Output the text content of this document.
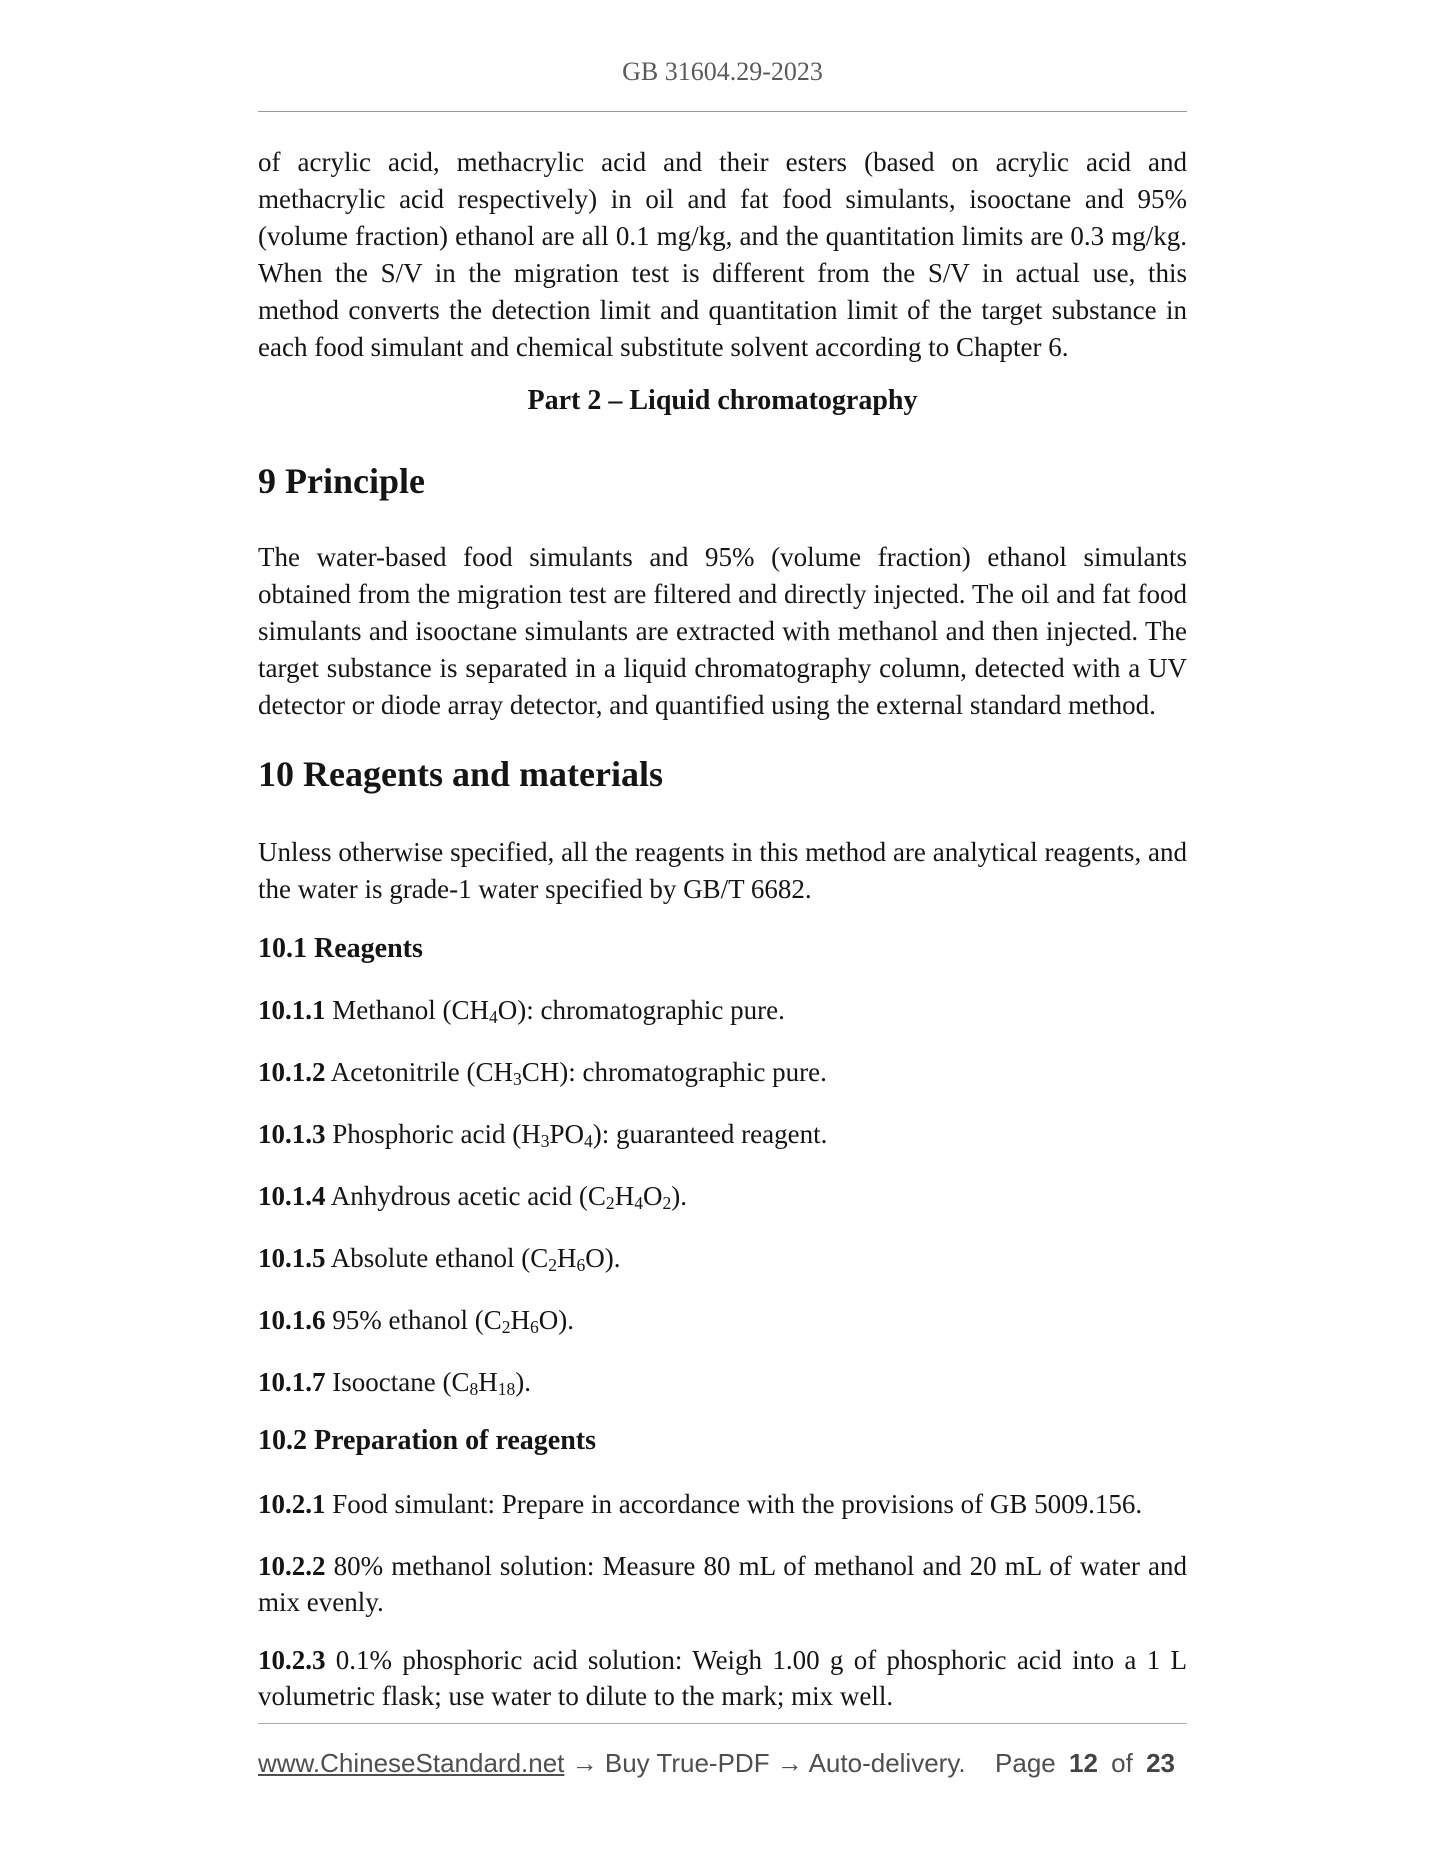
GB 31604.29-2023

of acrylic acid, methacrylic acid and their esters (based on acrylic acid and methacrylic acid respectively) in oil and fat food simulants, isooctane and 95% (volume fraction) ethanol are all 0.1 mg/kg, and the quantitation limits are 0.3 mg/kg. When the S/V in the migration test is different from the S/V in actual use, this method converts the detection limit and quantitation limit of the target substance in each food simulant and chemical substitute solvent according to Chapter 6.

Part 2 – Liquid chromatography

9 Principle

The water-based food simulants and 95% (volume fraction) ethanol simulants obtained from the migration test are filtered and directly injected. The oil and fat food simulants and isooctane simulants are extracted with methanol and then injected. The target substance is separated in a liquid chromatography column, detected with a UV detector or diode array detector, and quantified using the external standard method.

10 Reagents and materials

Unless otherwise specified, all the reagents in this method are analytical reagents, and the water is grade-1 water specified by GB/T 6682.

10.1 Reagents

10.1.1 Methanol $(CH_4O)$: chromatographic pure.

10.1.2 Acetonitrile $(CH_3CH)$: chromatographic pure.

10.1.3 Phosphoric acid $(H_3PO_4)$: guaranteed reagent.

10.1.4 Anhydrous acetic acid $(C_2H_4O_2)$.

10.1.5 Absolute ethanol $(C_2H_6O)$.

10.1.6 95% ethanol $(C_2H_6O)$.

10.1.7 Isooctane $(C_8H_{18})$.

10.2 Preparation of reagents

10.2.1 Food simulant: Prepare in accordance with the provisions of GB 5009.156.

10.2.2 80% methanol solution: Measure 80 mL of methanol and 20 mL of water and mix evenly.

10.2.3 0.1% phosphoric acid solution: Weigh 1.00 g of phosphoric acid into a 1 L volumetric flask; use water to dilute to the mark; mix well.

www.ChineseStandard.net → Buy True-PDF → Auto-delivery. Page 12 of 23
